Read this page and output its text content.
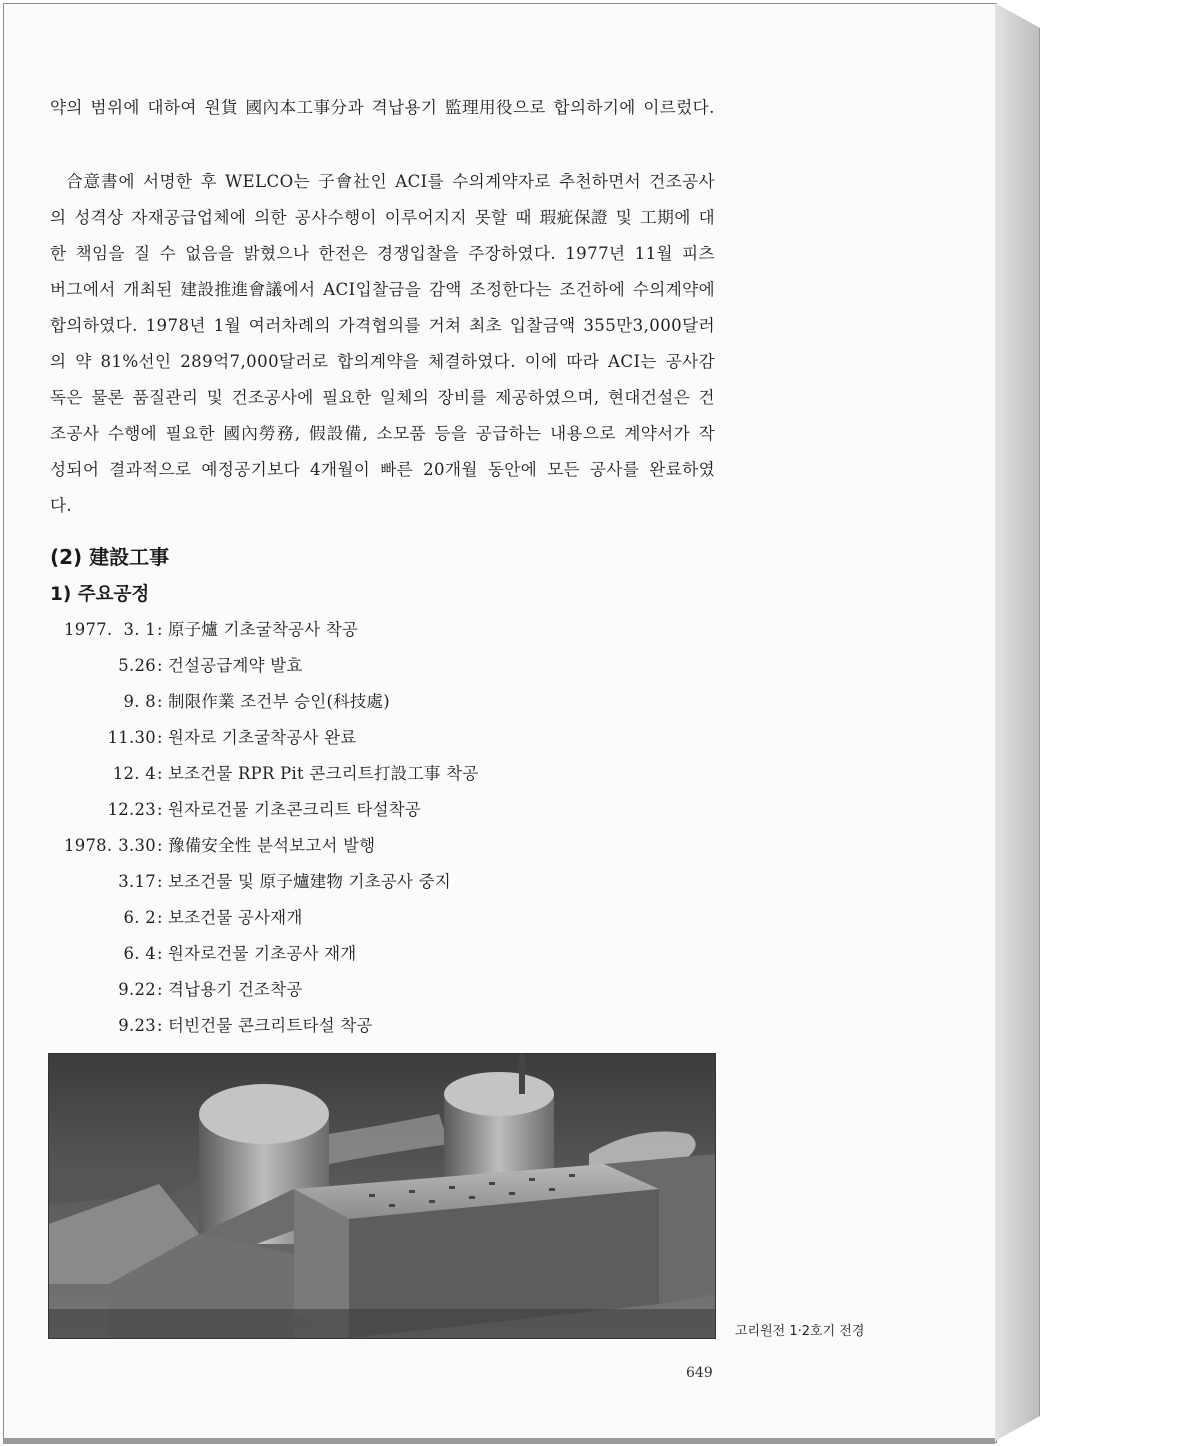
약의 범위에 대하여 원貨 國內本工事分과 격납용기 監理用役으로 합의하기에 이르렀다.

合意書에 서명한 후 WELCO는 子會社인 ACI를 수의계약자로 추천하면서 건조공사의 성격상 자재공급업체에 의한 공사수행이 이루어지지 못할 때 瑕疵保證 및 工期에 대한 책임을 질 수 없음을 밝혔으나 한전은 경쟁입찰을 주장하였다. 1977년 11월 피츠버그에서 개최된 建設推進會議에서 ACI입찰금을 감액 조정한다는 조건하에 수의계약에 합의하였다. 1978년 1월 여러차례의 가격협의를 거쳐 최초 입찰금액 355만3,000달러의 약 81%선인 289억7,000달러로 합의계약을 체결하였다. 이에 따라 ACI는 공사감독은 물론 품질관리 및 건조공사에 필요한 일체의 장비를 제공하였으며, 현대건설은 건조공사 수행에 필요한 國內勞務, 假設備, 소모품 등을 공급하는 내용으로 계약서가 작성되어 결과적으로 예정공기보다 4개월이 빠른 20개월 동안에 모든 공사를 완료하였다.

(2) 建設工事
1) 주요공정
1977. 3. 1 : 原子爐 기초굴착공사 착공
5.26 : 건설공급계약 발효
9. 8 : 制限作業 조건부 승인(科技處)
11.30 : 원자로 기초굴착공사 완료
12. 4 : 보조건물 RPR Pit 콘크리트打設工事 착공
12.23 : 원자로건물 기초콘크리트 타설착공
1978. 3.30 : 豫備安全性 분석보고서 발행
3.17 : 보조건물 및 原子爐建物 기초공사 중지
6. 2 : 보조건물 공사재개
6. 4 : 원자로건물 기초공사 재개
9.22 : 격납용기 건조착공
9.23 : 터빈건물 콘크리트타설 착공

고리원전 1·2호기 전경

649
